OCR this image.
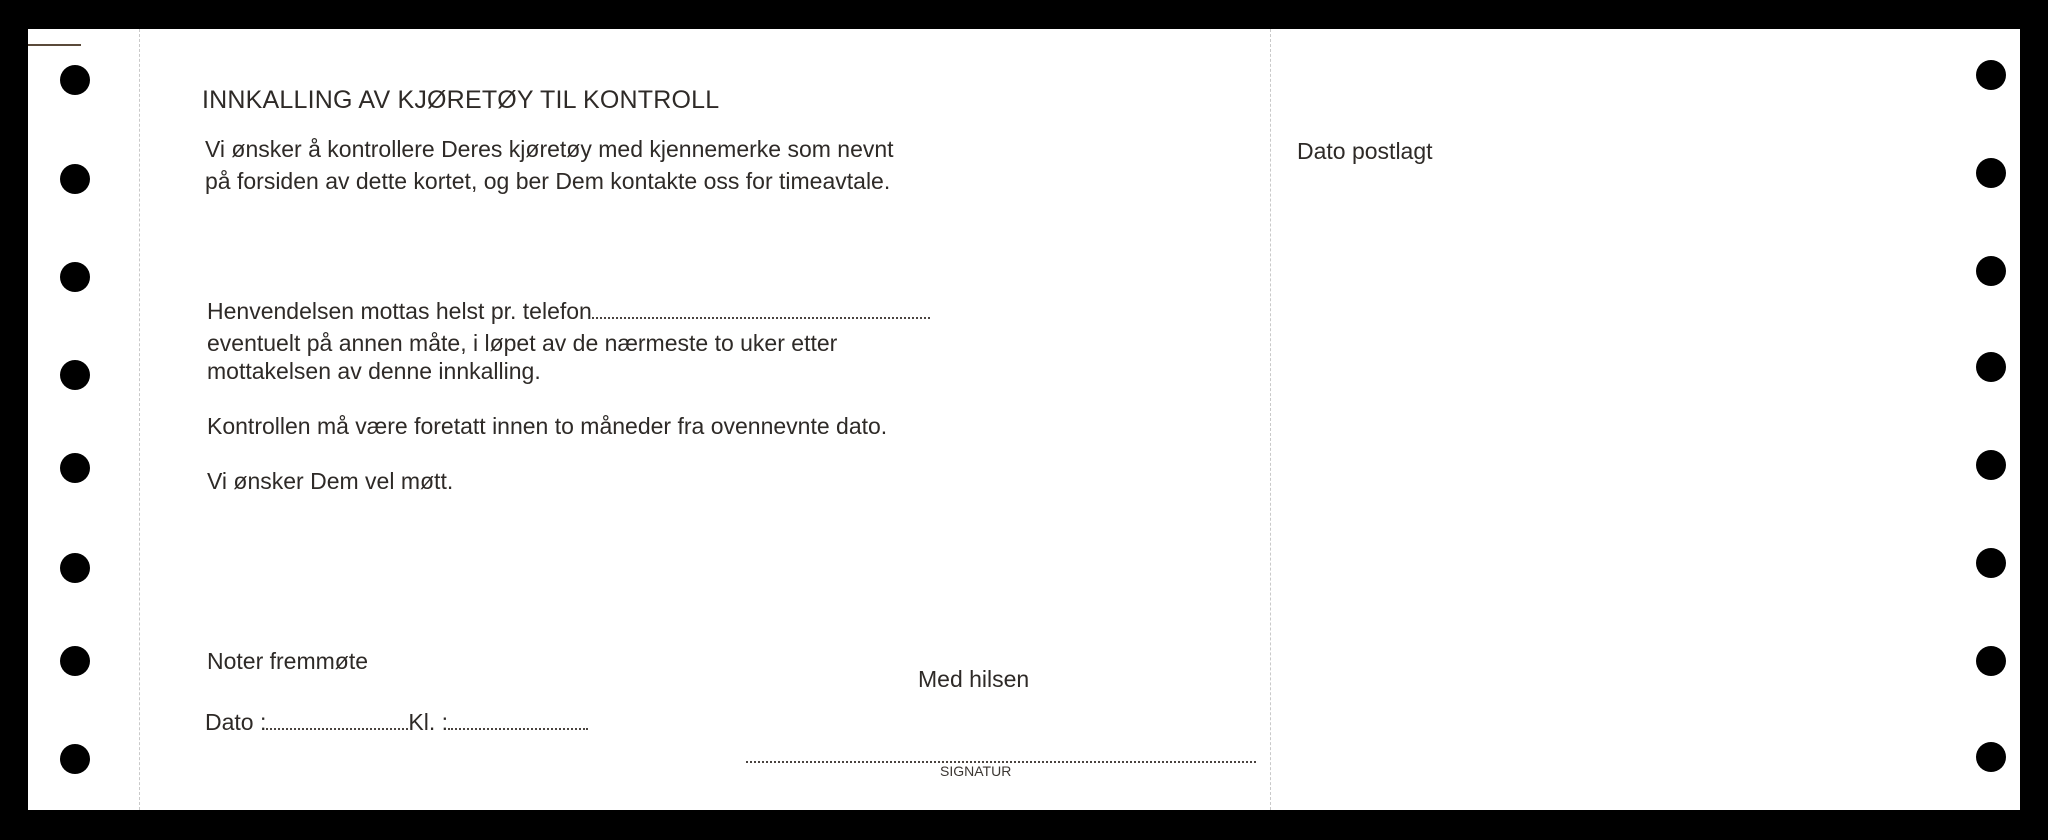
INNKALLING AV KJØRETØY TIL KONTROLL
Vi ønsker å kontrollere Deres kjøretøy med kjennemerke som nevnt
på forsiden av dette kortet, og ber Dem kontakte oss for timeavtale.
Henvendelsen mottas helst pr. telefon
eventuelt på annen måte, i løpet av de nærmeste to uker etter
mottakelsen av denne innkalling.
Kontrollen må være foretatt innen to måneder fra ovennevnte dato.
Vi ønsker Dem vel møtt.
Noter fremmøte
Dato :	Kl. :
Med hilsen
SIGNATUR
Dato postlagt
